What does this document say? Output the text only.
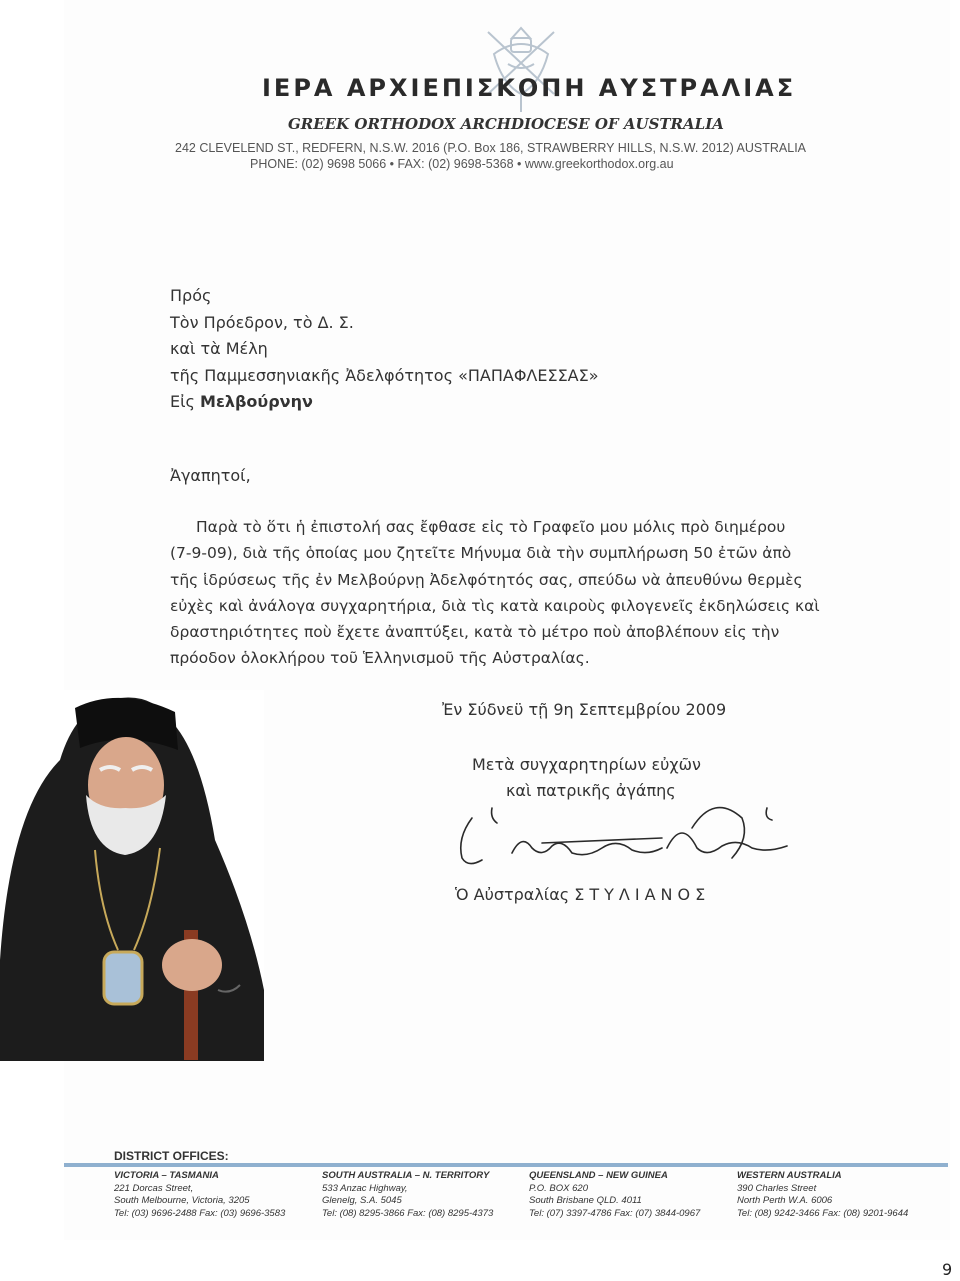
ΙΕΡΑ ΑΡΧΙΕΠΙΣΚΟΠΗ ΑΥΣΤΡΑΛΙΑΣ
GREEK ORTHODOX ARCHDIOCESE OF AUSTRALIA
242 CLEVELEND ST., REDFERN, N.S.W. 2016 (P.O. Box 186, STRAWBERRY HILLS, N.S.W. 2012) AUSTRALIA
PHONE: (02) 9698 5066 • FAX: (02) 9698-5368 • www.greekorthodox.org.au
Πρός
Τὸν Πρόεδρον, τὸ Δ. Σ.
καὶ τὰ Μέλη
τῆς Παμμεσσηνιακῆς Ἀδελφότητος «ΠΑΠΑΦΛΕΣΣΑΣ»
Εἰς Μελβούρνην
Ἀγαπητοί,
Παρὰ τὸ ὅτι ἡ ἐπιστολή σας ἔφθασε εἰς τὸ Γραφεῖο μου μόλις πρὸ διημέρου
(7-9-09), διὰ τῆς ὁποίας μου ζητεῖτε Μήνυμα διὰ τὴν συμπλήρωση 50 ἐτῶν ἀπὸ
τῆς ἱδρύσεως τῆς ἐν Μελβούρνῃ Ἀδελφότητός σας, σπεύδω νὰ ἀπευθύνω θερμὲς
εὐχὲς καὶ ἀνάλογα συγχαρητήρια, διὰ τὶς κατὰ καιροὺς φιλογενεῖς ἐκδηλώσεις καὶ
δραστηριότητες ποὺ ἔχετε ἀναπτύξει, κατὰ τὸ μέτρο ποὺ ἀποβλέπουν εἰς τὴν
πρόοδον ὁλοκλήρου τοῦ Ἑλληνισμοῦ τῆς Αὐστραλίας.
Ἐν Σύδνεϋ τῇ 9η Σεπτεμβρίου 2009
Μετὰ συγχαρητηρίων εὐχῶν
καὶ πατρικῆς ἀγάπης
Ὁ Αὐστραλίας ΣΤΥΛΙΑΝΟΣ
DISTRICT OFFICES:
VICTORIA – TASMANIA
221 Dorcas Street,
South Melbourne, Victoria, 3205
Tel: (03) 9696-2488 Fax: (03) 9696-3583
SOUTH AUSTRALIA – N. TERRITORY
533 Anzac Highway,
Glenelg, S.A. 5045
Tel: (08) 8295-3866 Fax: (08) 8295-4373
QUEENSLAND – NEW GUINEA
P.O. BOX 620
South Brisbane QLD. 4011
Tel: (07) 3397-4786 Fax: (07) 3844-0967
WESTERN AUSTRALIA
390 Charles Street
North Perth W.A. 6006
Tel: (08) 9242-3466 Fax: (08) 9201-9644
9
